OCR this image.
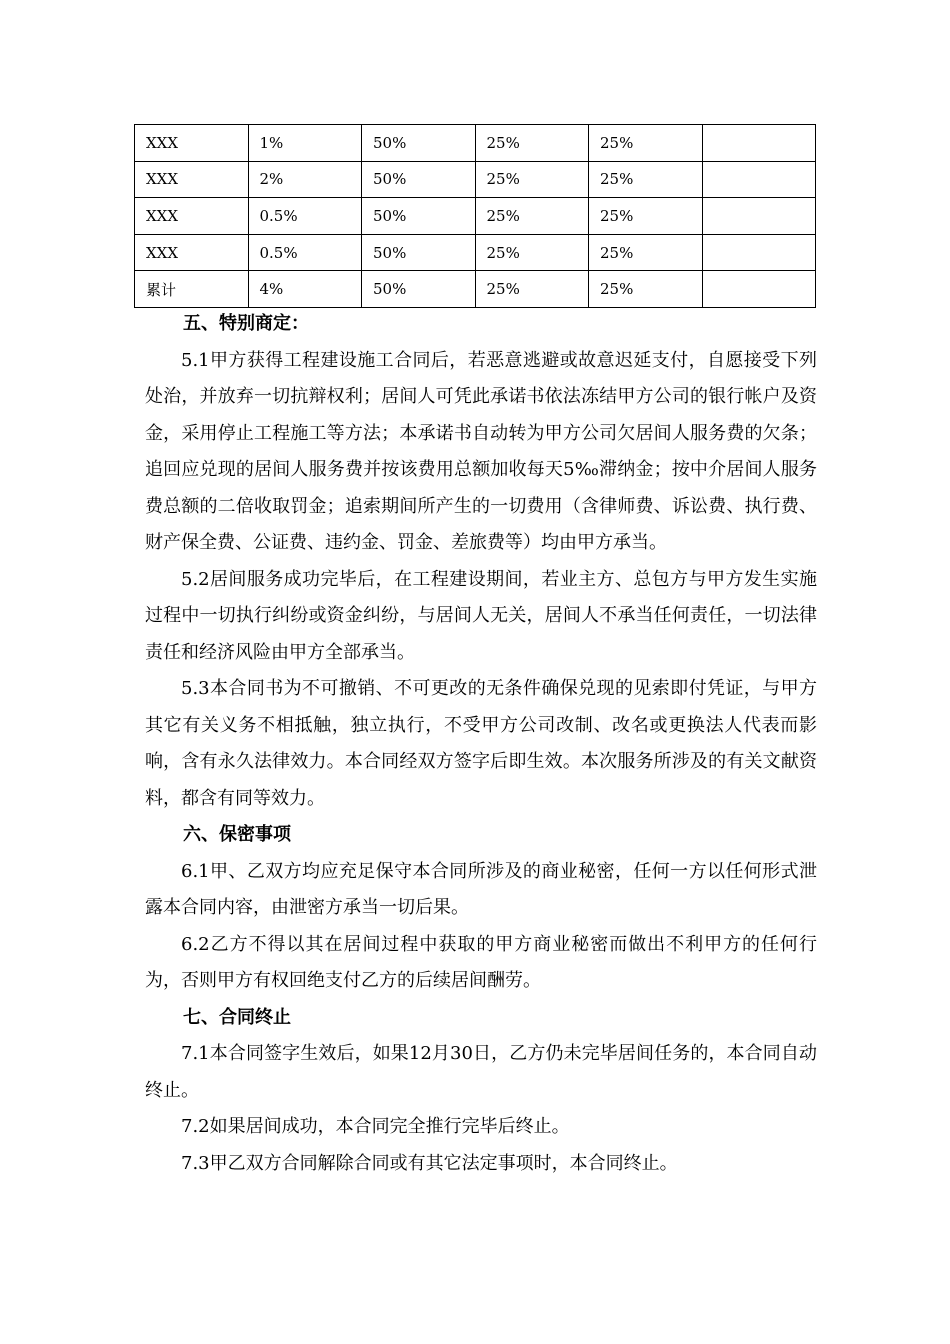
XXX	1%	50%	25%	25%	
XXX	2%	50%	25%	25%	
XXX	0.5%	50%	25%	25%	
XXX	0.5%	50%	25%	25%	
累计	4%	50%	25%	25%	
五、特别商定：

5.1甲方获得工程建设施工合同后，若恶意逃避或故意迟延支付，自愿接受下列处治，并放弃一切抗辩权利；居间人可凭此承诺书依法冻结甲方公司的银行帐户及资金，采用停止工程施工等方法；本承诺书自动转为甲方公司欠居间人服务费的欠条；追回应兑现的居间人服务费并按该费用总额加收每天5‰滞纳金；按中介居间人服务费总额的二倍收取罚金；追索期间所产生的一切费用（含律师费、诉讼费、执行费、财产保全费、公证费、违约金、罚金、差旅费等）均由甲方承当。

5.2居间服务成功完毕后，在工程建设期间，若业主方、总包方与甲方发生实施过程中一切执行纠纷或资金纠纷，与居间人无关，居间人不承当任何责任，一切法律责任和经济风险由甲方全部承当。

5.3本合同书为不可撤销、不可更改的无条件确保兑现的见索即付凭证，与甲方其它有关义务不相抵触，独立执行，不受甲方公司改制、改名或更换法人代表而影响，含有永久法律效力。本合同经双方签字后即生效。本次服务所涉及的有关文献资料，都含有同等效力。

六、保密事项

6.1甲、乙双方均应充足保守本合同所涉及的商业秘密，任何一方以任何形式泄露本合同内容，由泄密方承当一切后果。

6.2乙方不得以其在居间过程中获取的甲方商业秘密而做出不利甲方的任何行为，否则甲方有权回绝支付乙方的后续居间酬劳。

七、合同终止

7.1本合同签字生效后，如果12月30日，乙方仍未完毕居间任务的，本合同自动终止。

7.2如果居间成功，本合同完全推行完毕后终止。

7.3甲乙双方合同解除合同或有其它法定事项时，本合同终止。
